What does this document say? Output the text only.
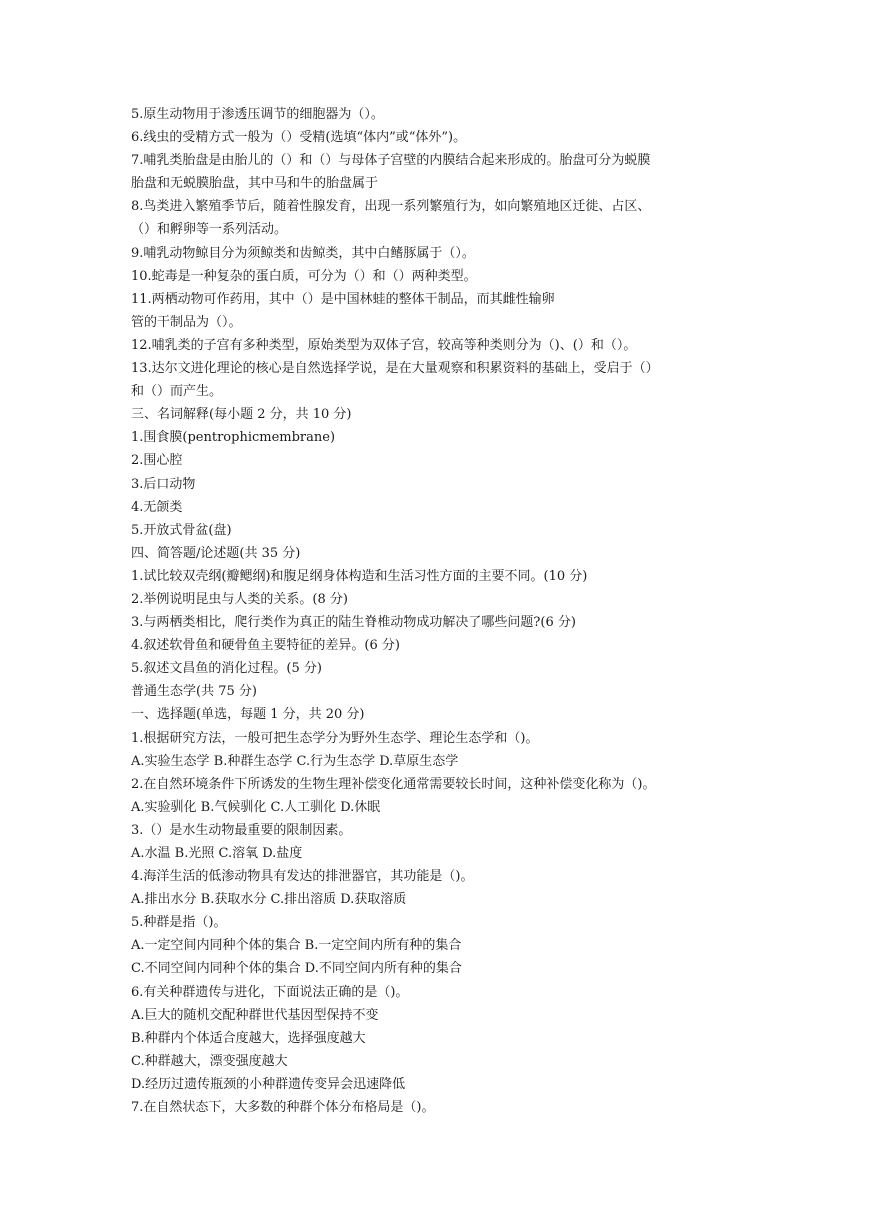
5.原生动物用于渗透压调节的细胞器为（）。
6.线虫的受精方式一般为（）受精(选填“体内”或“体外”)。
7.哺乳类胎盘是由胎儿的（）和（）与母体子宫壁的内膜结合起来形成的。胎盘可分为蜕膜
胎盘和无蜕膜胎盘，其中马和牛的胎盘属于
8.鸟类进入繁殖季节后，随着性腺发育，出现一系列繁殖行为，如向繁殖地区迁徙、占区、
（）和孵卵等一系列活动。
9.哺乳动物鲸目分为须鲸类和齿鲸类，其中白鳍豚属于（）。
10.蛇毒是一种复杂的蛋白质，可分为（）和（）两种类型。
11.两栖动物可作药用，其中（）是中国林蛙的整体干制品，而其雌性输卵
管的干制品为（）。
12.哺乳类的子宫有多种类型，原始类型为双体子宫，较高等种类则分为（)、(）和（）。
13.达尔文进化理论的核心是自然选择学说，是在大量观察和积累资料的基础上，受启于（）
和（）而产生。
三、名词解释(每小题 2 分，共 10 分)
1.围食膜(pentrophicmembrane)
2.围心腔
3.后口动物
4.无颌类
5.开放式骨盆(盘)
四、简答题/论述题(共 35 分)
1.试比较双壳纲(瓣鳃纲)和腹足纲身体构造和生活习性方面的主要不同。(10 分)
2.举例说明昆虫与人类的关系。(8 分)
3.与两栖类相比，爬行类作为真正的陆生脊椎动物成功解决了哪些问题?(6 分)
4.叙述软骨鱼和硬骨鱼主要特征的差异。(6 分)
5.叙述文昌鱼的消化过程。(5 分)
普通生态学(共 75 分)
一、选择题(单选，每题 1 分，共 20 分)
1.根据研究方法，一般可把生态学分为野外生态学、理论生态学和（)。
A.实验生态学 B.种群生态学 C.行为生态学 D.草原生态学
2.在自然环境条件下所诱发的生物生理补偿变化通常需要较长时间，这种补偿变化称为（)。
A.实验驯化 B.气候驯化 C.人工驯化 D.休眠
3.（）是水生动物最重要的限制因素。
A.水温 B.光照 C.溶氧 D.盐度
4.海洋生活的低渗动物具有发达的排泄器官，其功能是（)。
A.排出水分 B.获取水分 C.排出溶质 D.获取溶质
5.种群是指（)。
A.一定空间内同种个体的集合 B.一定空间内所有种的集合
C.不同空间内同种个体的集合 D.不同空间内所有种的集合
6.有关种群遗传与进化，下面说法正确的是（)。
A.巨大的随机交配种群世代基因型保持不变
B.种群内个体适合度越大，选择强度越大
C.种群越大，漂变强度越大
D.经历过遗传瓶颈的小种群遗传变异会迅速降低
7.在自然状态下，大多数的种群个体分布格局是（)。
